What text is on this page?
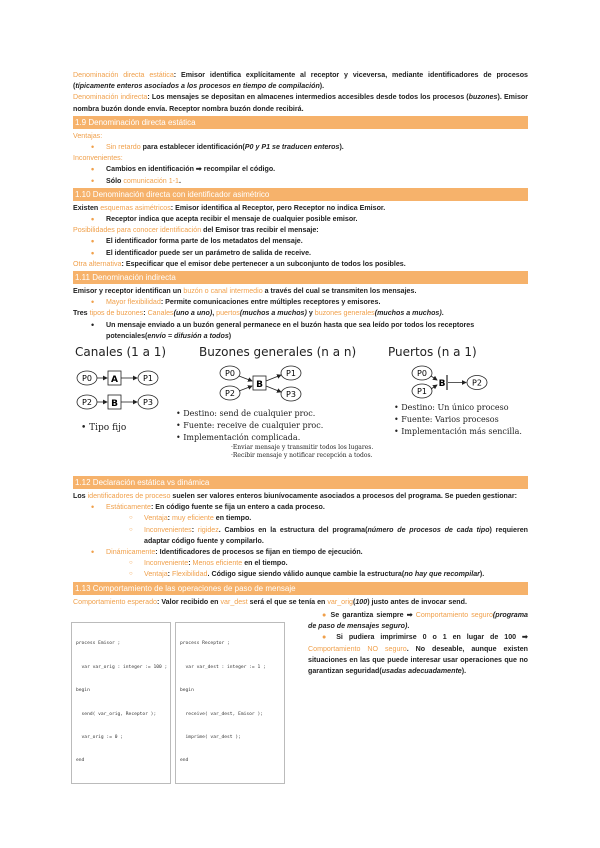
Denominación directa estática: Emisor identifica explícitamente al receptor y viceversa, mediante identificadores de procesos (típicamente enteros asociados a los procesos en tiempo de compilación).

Denominación indirecta: Los mensajes se depositan en almacenes intermedios accesibles desde todos los procesos (buzones). Emisor nombra buzón donde envía. Receptor nombra buzón donde recibirá.

1.9 Denominación directa estática

Ventajas:

• Sin retardo para establecer identificación(P0 y P1 se traducen enteros).

Inconvenientes:

• Cambios en identificación ➡ recompilar el código.
• Sólo comunicación 1-1.
1.10 Denominación directa con identificador asimétrico

Existen esquemas asimétricos: Emisor identifica al Receptor, pero Receptor no indica Emisor.

• Receptor indica que acepta recibir el mensaje de cualquier posible emisor.

Posibilidades para conocer identificación del Emisor tras recibir el mensaje:

• El identificador forma parte de los metadatos del mensaje.
• El identificador puede ser un parámetro de salida de receive.

Otra alternativa: Especificar que el emisor debe pertenecer a un subconjunto de todos los posibles.

1.11 Denominación indirecta

Emisor y receptor identifican un buzón o canal intermedio a través del cual se transmiten los mensajes.

• Mayor flexibilidad: Permite comunicaciones entre múltiples receptores y emisores.

Tres tipos de buzones: Canales(uno a uno), puertos(muchos a muchos) y buzones generales(muchos a muchos).

• Un mensaje enviado a un buzón general permanece en el buzón hasta que sea leído por todos los receptores potenciales(envío = difusión a todos)
Canales (1 a 1)	Buzones generales (n a n)	Puertos (n a 1)
P0 A	P1
P2 B	P3
P0
P2
B
P1
P3
P0
P1
B	P2
• Tipo fijo
• Destino: send de cualquier proc.
• Fuente: receive de cualquier proc.
• Implementación complicada.
·Enviar mensaje y transmitir todos los lugares.
·Recibir mensaje y notificar recepción a todos.
• Destino: Un único proceso
• Fuente: Varios procesos
• Implementación más sencilla.
1.12 Declaración estática vs dinámica

Los identificadores de proceso suelen ser valores enteros biunívocamente asociados a procesos del programa. Se pueden gestionar:

• Estáticamente: En código fuente se fija un entero a cada proceso.
○ Ventaja: muy eficiente en tiempo.
○ Inconvenientes: rigidez. Cambios en la estructura del programa(número de procesos de cada tipo) requieren adaptar código fuente y compilarlo.
• Dinámicamente: Identificadores de procesos se fijan en tiempo de ejecución.
○ Inconveniente: Menos eficiente en el tiempo.
○ Ventaja: Flexibilidad. Código sigue siendo válido aunque cambie la estructura(no hay que recompilar).
1.13 Comportamiento de las operaciones de paso de mensaje

Comportamiento esperado: Valor recibido en var_dest será el que se tenía en var_orig(100) justo antes de invocar send.

process Emisor ;

var var_orig : integer := 100 ;

begin

send( var_orig, Receptor );

var_orig := 0 ;

end

process Receptor ;

var var_dest : integer := 1 ;

begin

receive( var_dest, Emisor );

imprime( var_dest );

end

● Se garantiza siempre ➡ Comportamiento seguro(programa de paso de mensajes seguro).

● Si pudiera imprimirse 0 o 1 en lugar de 100 ➡ Comportamiento NO seguro. No deseable, aunque existen situaciones en las que puede interesar usar operaciones que no garantizan seguridad(usadas adecuadamente).
